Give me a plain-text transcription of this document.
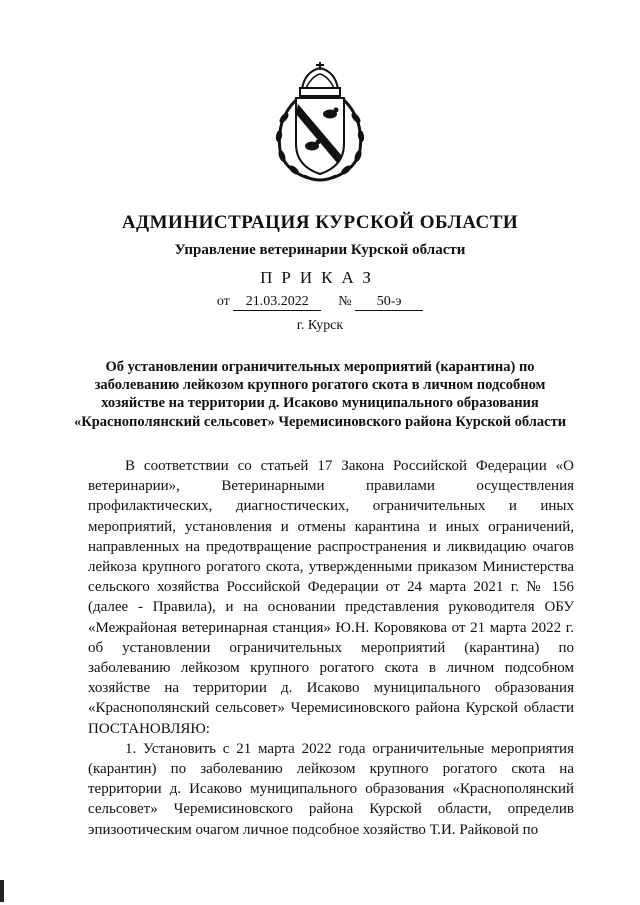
АДМИНИСТРАЦИЯ КУРСКОЙ ОБЛАСТИ
Управление ветеринарии Курской области
ПРИКАЗ
от 21.03.2022 № 50-э
г. Курск
Об установлении ограничительных мероприятий (карантина) по заболеванию лейкозом крупного рогатого скота в личном подсобном хозяйстве на территории д. Исаково муниципального образования «Краснополянский сельсовет» Черемисиновского района Курской области

В соответствии со статьей 17 Закона Российской Федерации «О ветеринарии», Ветеринарными правилами осуществления профилактических, диагностических, ограничительных и иных мероприятий, установления и отмены карантина и иных ограничений, направленных на предотвращение распространения и ликвидацию очагов лейкоза крупного рогатого скота, утвержденными приказом Министерства сельского хозяйства Российской Федерации от 24 марта 2021 г. № 156 (далее - Правила), и на основании представления руководителя ОБУ «Межрайоная ветеринарная станция» Ю.Н. Коровякова от 21 марта 2022 г. об установлении ограничительных мероприятий (карантина) по заболеванию лейкозом крупного рогатого скота в личном подсобном хозяйстве на территории д. Исаково муниципального образования «Краснополянский сельсовет» Черемисиновского района Курской области ПОСТАНОВЛЯЮ:

1. Установить с 21 марта 2022 года ограничительные мероприятия (карантин) по заболеванию лейкозом крупного рогатого скота на территории д. Исаково муниципального образования «Краснополянский сельсовет» Черемисиновского района Курской области, определив эпизоотическим очагом личное подсобное хозяйство Т.И. Райковой по
